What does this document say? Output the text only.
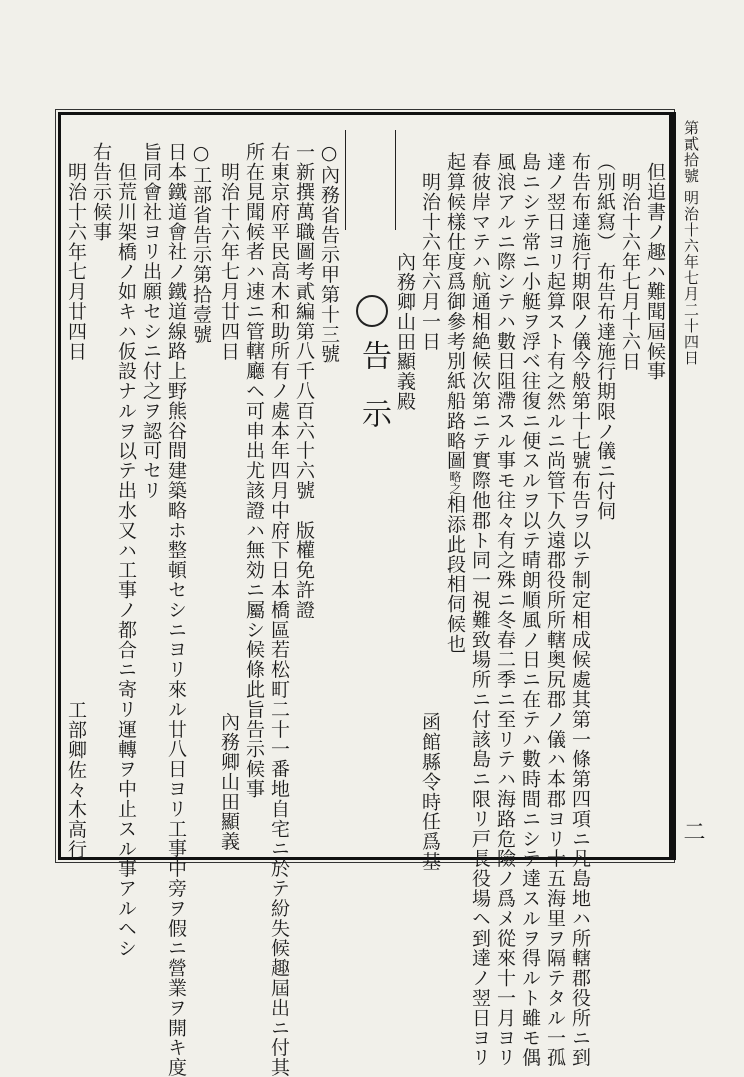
第貳拾號
明治十六年七月二十四日
二
但追書ノ趣ハ難聞屆候事
明治十六年七月十六日
（別紙寫）　布告布達施行期限ノ儀ニ付伺
布告布達施行期限ノ儀今般第十七號布告ヲ以テ制定相成候處其第一條第四項ニ凡島地ハ所轄郡役所ニ到
達ノ翌日ヨリ起算スト有之然ルニ尚管下久遠郡役所所轄奥尻郡ノ儀ハ本郡ヨリ十五海里ヲ隔テタル一孤
島ニシテ常ニ小艇ヲ浮ベ往復ニ便スルヲ以テ晴朗順風ノ日ニ在テハ數時間ニシテ達スルヲ得ルト雖モ偶
風浪アルニ際シテハ數日阻滯スル事モ往々有之殊ニ冬春二季ニ至リテハ海路危險ノ爲メ從來十一月ヨリ
春彼岸マテハ航通相絶候次第ニテ實際他郡ト同一視難致場所ニ付該島ニ限リ戸長役場ヘ到達ノ翌日ヨリ
起算候樣仕度爲御參考別紙船路略圖略之相添此段相伺候也
明治十六年六月一日
函館縣令時任爲基
內務卿山田顯義殿
告示
○內務省告示甲第十三號
一新撰萬職圖考貳編第八千八百六十六號　版權免許證
右東京府平民高木和助所有ノ處本年四月中府下日本橋區若松町二十一番地自宅ニ於テ紛失候趣屆出ニ付其
所在見聞候者ハ速ニ管轄廳ヘ可申出尤該證ハ無効ニ屬シ候條此旨告示候事
明治十六年七月廿四日
內務卿山田顯義
○工部省告示第拾壹號
日本鐵道會社ノ鐵道線路上野熊谷間建築略ホ整頓セシニヨリ來ル廿八日ヨリ工事中旁ヲ假ニ營業ヲ開キ度
旨同會社ヨリ出願セシニ付之ヲ認可セリ
但荒川架橋ノ如キハ仮設ナルヲ以テ出水又ハ工事ノ都合ニ寄リ運轉ヲ中止スル事アルヘシ
右告示候事
明治十六年七月廿四日
工部卿佐々木高行
